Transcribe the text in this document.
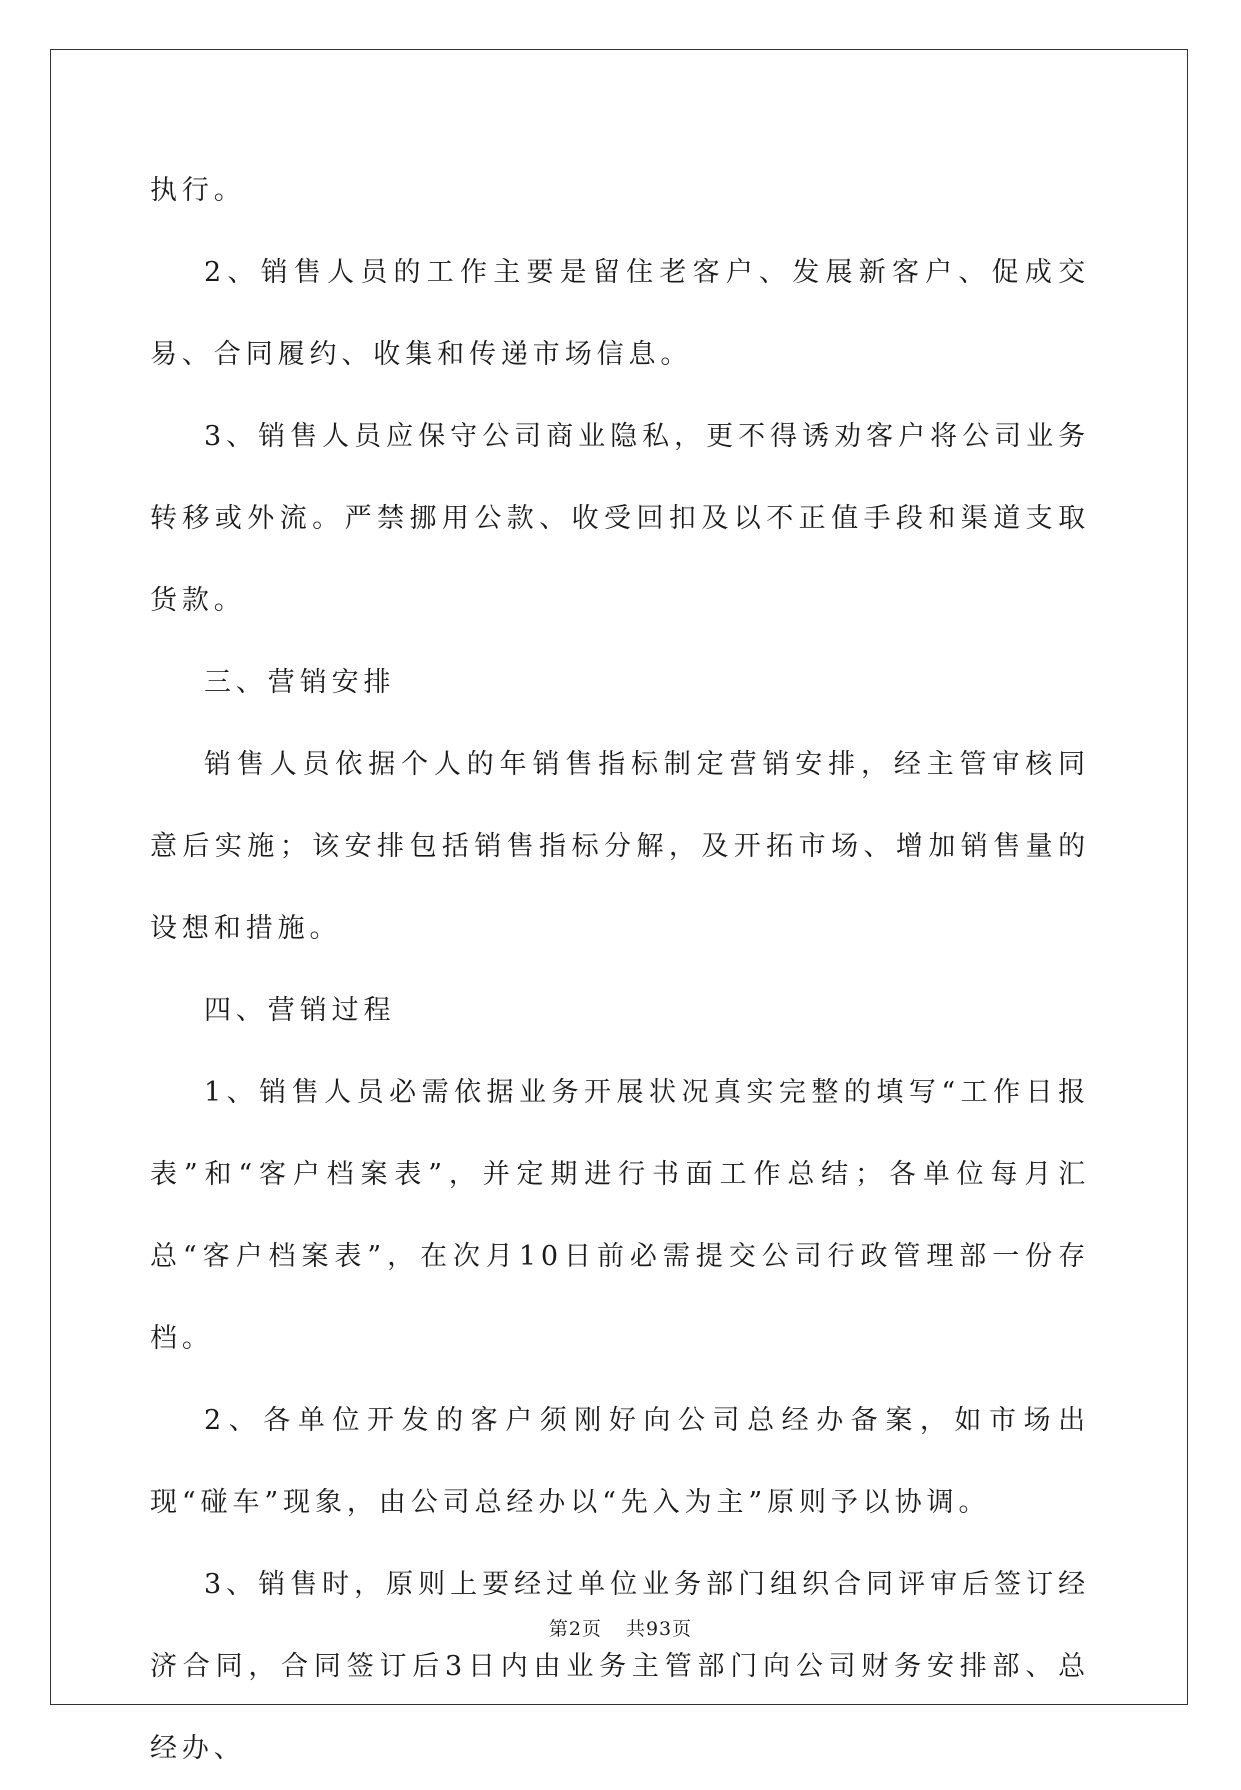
执行。

2、销售人员的工作主要是留住老客户、发展新客户、促成交易、合同履约、收集和传递市场信息。

3、销售人员应保守公司商业隐私，更不得诱劝客户将公司业务转移或外流。严禁挪用公款、收受回扣及以不正值手段和渠道支取货款。

三、营销安排

销售人员依据个人的年销售指标制定营销安排，经主管审核同意后实施；该安排包括销售指标分解，及开拓市场、增加销售量的设想和措施。

四、营销过程

1、销售人员必需依据业务开展状况真实完整的填写“工作日报表”和“客户档案表”，并定期进行书面工作总结；各单位每月汇总“客户档案表”，在次月10日前必需提交公司行政管理部一份存档。

2、各单位开发的客户须刚好向公司总经办备案，如市场出现“碰车”现象，由公司总经办以“先入为主”原则予以协调。

3、销售时，原则上要经过单位业务部门组织合同评审后签订经济合同，合同签订后3日内由业务主管部门向公司财务安排部、总经办、

第2页 共93页
